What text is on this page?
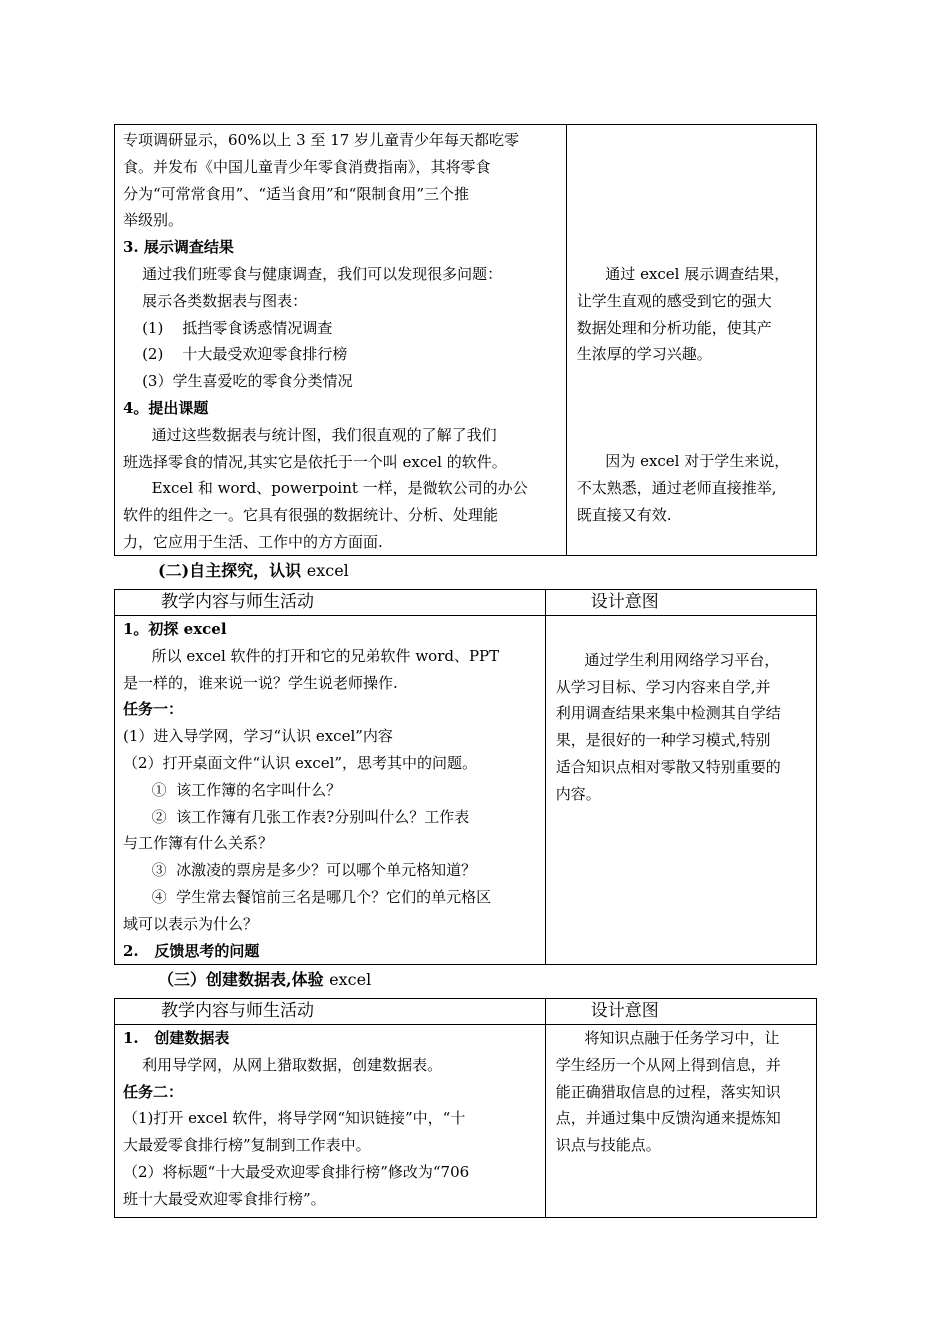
专项调研显示，60%以上 3 至 17 岁儿童青少年每天都吃零
食。并发布《中国儿童青少年零食消费指南》，其将零食
分为“可常常食用”、“适当食用”和“限制食用”三个推
举级别。
3. 展示调查结果
通过我们班零食与健康调查，我们可以发现很多问题：
展示各类数据表与图表：
(1)    抵挡零食诱惑情况调查
(2)    十大最受欢迎零食排行榜
(3）学生喜爱吃的零食分类情况
4。提出课题
通过这些数据表与统计图，我们很直观的了解了我们
班选择零食的情况,其实它是依托于一个叫 excel 的软件。
Excel 和 word、powerpoint 一样，是微软公司的办公
软件的组件之一。它具有很强的数据统计、分析、处理能
力，它应用于生活、工作中的方方面面.
通过 excel 展示调查结果，
让学生直观的感受到它的强大
数据处理和分析功能，使其产
生浓厚的学习兴趣。
因为 excel 对于学生来说，
不太熟悉，通过老师直接推举,
既直接又有效.
(二)自主探究，认识 excel
教学内容与师生活动	设计意图
1。初探 excel
所以 excel 软件的打开和它的兄弟软件 word、PPT
是一样的，谁来说一说？学生说老师操作.
任务一：
(1）进入导学网，学习“认识 excel”内容
（2）打开桌面文件“认识 excel”，思考其中的问题。
①  该工作簿的名字叫什么？
②  该工作簿有几张工作表?分别叫什么？工作表
与工作簿有什么关系？
③  冰激凌的票房是多少？可以哪个单元格知道？
④  学生常去餐馆前三名是哪几个？它们的单元格区
域可以表示为什么？
2.   反馈思考的问题
通过学生利用网络学习平台，
从学习目标、学习内容来自学,并
利用调查结果来集中检测其自学结
果，是很好的一种学习模式,特别
适合知识点相对零散又特别重要的
内容。
（三）创建数据表,体验 excel
教学内容与师生活动	设计意图
1.   创建数据表
利用导学网，从网上猎取数据，创建数据表。
任务二：
（1)打开 excel 软件，将导学网“知识链接”中，“十
大最爱零食排行榜”复制到工作表中。
（2）将标题“十大最受欢迎零食排行榜”修改为“706
班十大最受欢迎零食排行榜”。
将知识点融于任务学习中，让
学生经历一个从网上得到信息，并
能正确猎取信息的过程，落实知识
点，并通过集中反馈沟通来提炼知
识点与技能点。
